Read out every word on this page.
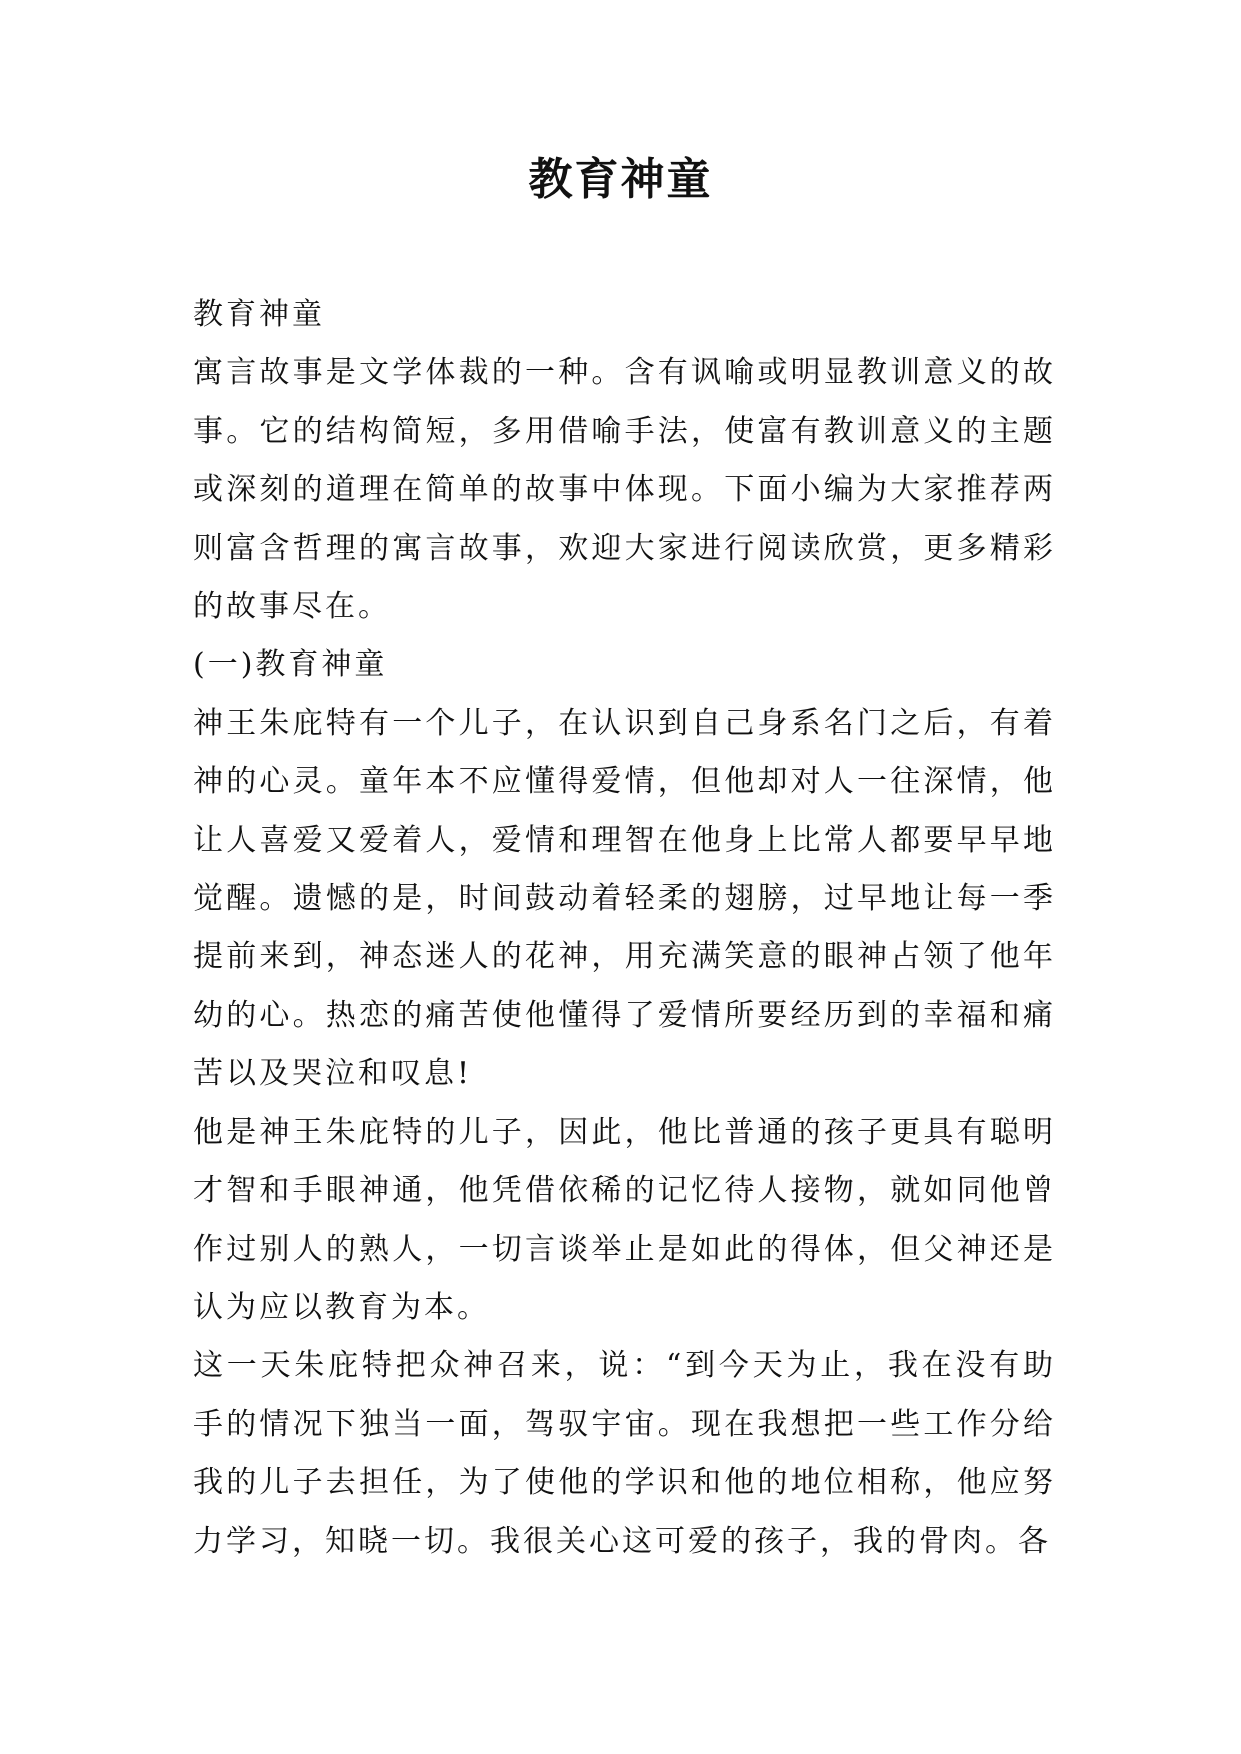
教育神童

教育神童

寓言故事是文学体裁的一种。含有讽喻或明显教训意义的故事。它的结构简短，多用借喻手法，使富有教训意义的主题或深刻的道理在简单的故事中体现。下面小编为大家推荐两则富含哲理的寓言故事，欢迎大家进行阅读欣赏，更多精彩的故事尽在。

(一)教育神童

神王朱庇特有一个儿子，在认识到自己身系名门之后，有着神的心灵。童年本不应懂得爱情，但他却对人一往深情，他让人喜爱又爱着人，爱情和理智在他身上比常人都要早早地觉醒。遗憾的是，时间鼓动着轻柔的翅膀，过早地让每一季提前来到，神态迷人的花神，用充满笑意的眼神占领了他年幼的心。热恋的痛苦使他懂得了爱情所要经历到的幸福和痛苦以及哭泣和叹息!

他是神王朱庇特的儿子，因此，他比普通的孩子更具有聪明才智和手眼神通，他凭借依稀的记忆待人接物，就如同他曾作过别人的熟人，一切言谈举止是如此的得体，但父神还是认为应以教育为本。

这一天朱庇特把众神召来，说：“到今天为止，我在没有助手的情况下独当一面，驾驭宇宙。现在我想把一些工作分给我的儿子去担任，为了使他的学识和他的地位相称，他应努力学习，知晓一切。我很关心这可爱的孩子，我的骨肉。各
